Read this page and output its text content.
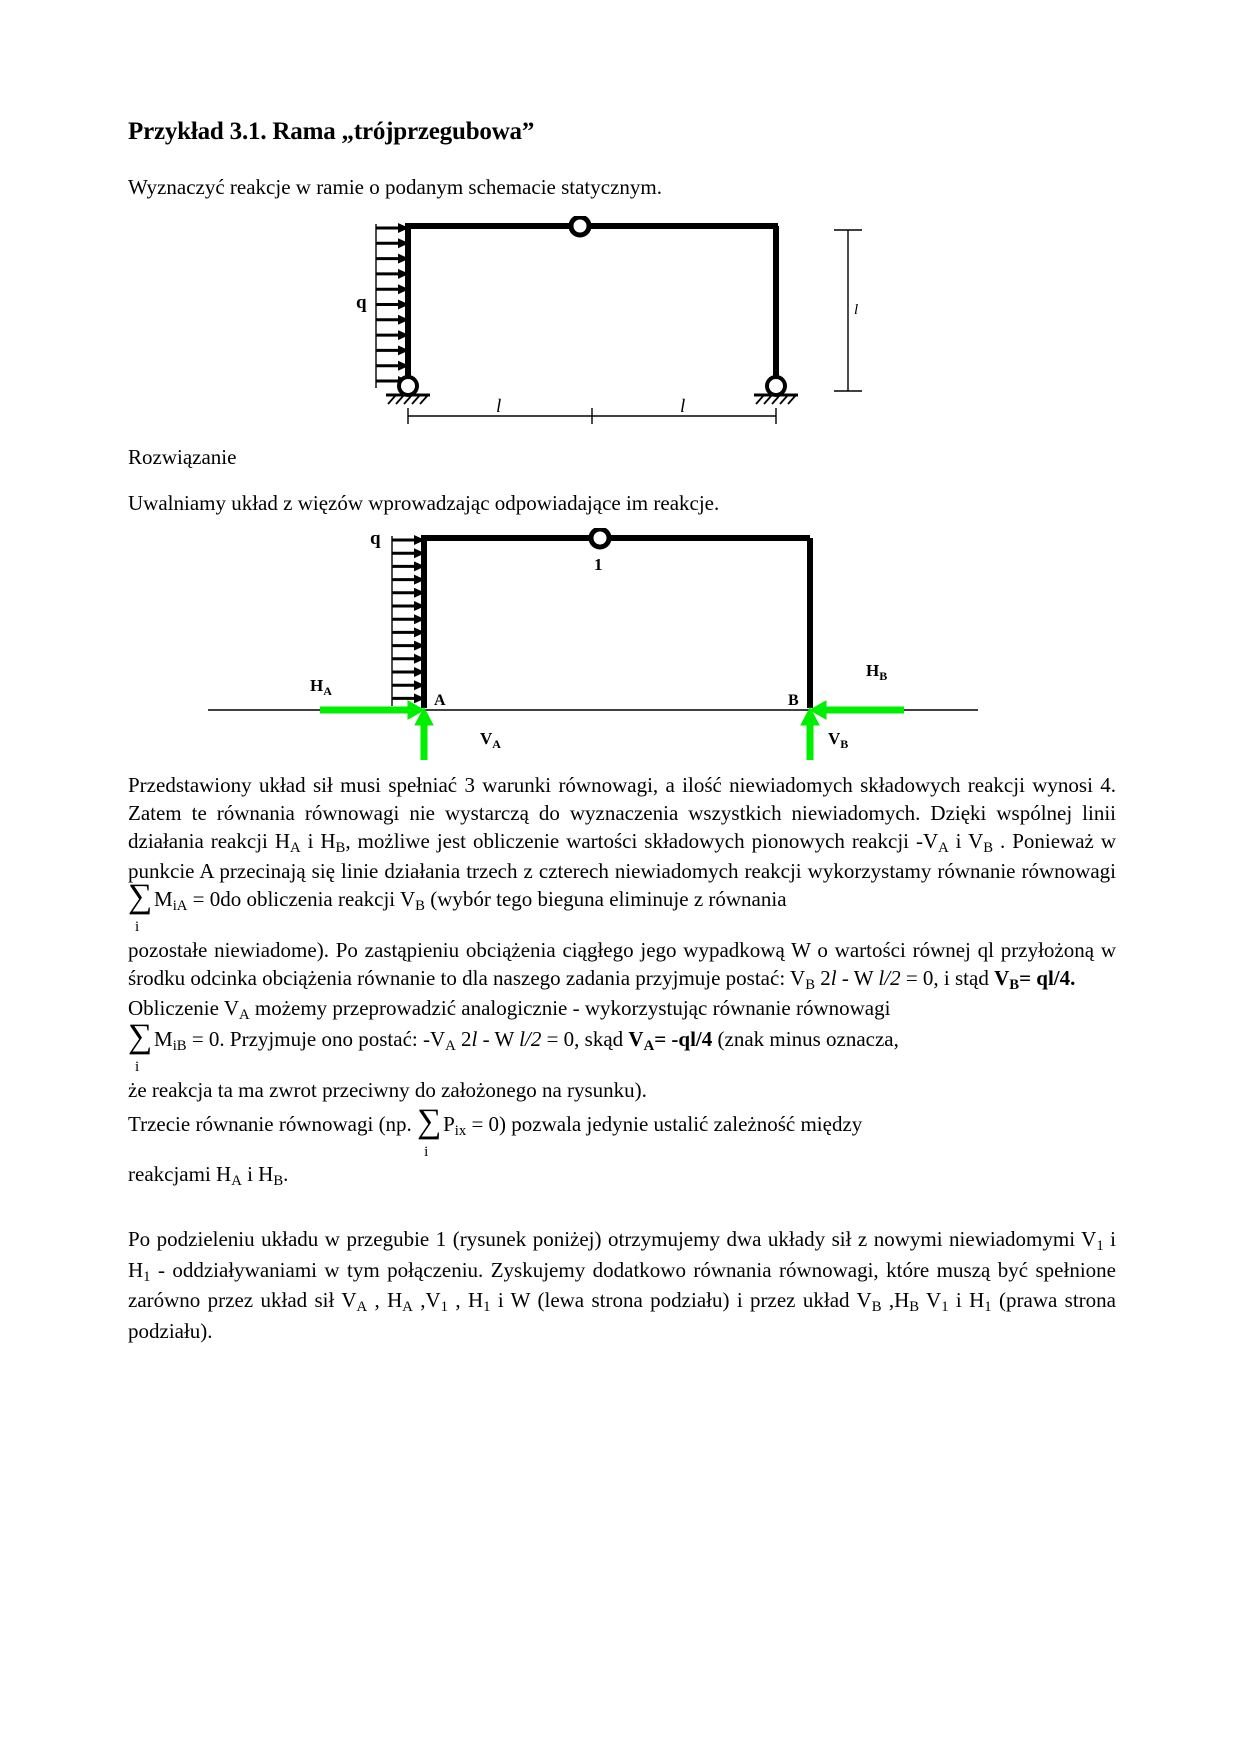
Przykład 3.1. Rama „trójprzegubowa”

Wyznaczyć reakcje w ramie o podanym schemacie statycznym.

q	l
l	l

Rozwiązanie

Uwalniamy układ z więzów wprowadzając odpowiadające im reakcje.

1
q
$H_A$
$H_B$
$V_A$	$V_B$
A	B

Przedstawiony układ sił musi spełniać 3 warunki równowagi, a ilość niewiadomych składowych reakcji wynosi 4. Zatem te równania równowagi nie wystarczą do wyznaczenia wszystkich niewiadomych. Dzięki wspólnej linii działania reakcji $H_A$ i $H_B$, możliwe jest obliczenie wartości składowych pionowych reakcji $-V_A$ i $V_B$ . Ponieważ w punkcie A przecinają się linie działania trzech z czterech niewiadomych reakcji wykorzystamy równanie równowagi
∑
i
$M_{iA} = 0do$ obliczenia reakcji $V_B$ (wybór tego bieguna eliminuje z równania

pozostałe niewiadome). Po zastąpieniu obciążenia ciągłego jego wypadkową W o wartości równej ql przyłożoną w środku odcinka obciążenia równanie to dla naszego zadania przyjmuje postać: $V_B$ 2l - W l/2 = 0, i stąd $V_B= ql/4$.

Obliczenie $V_A$ możemy przeprowadzić analogicznie - wykorzystując równanie równowagi

∑
i
$M_{iB} = 0$. Przyjmuje ono postać: $-V_A$ 2l - W l/2 = 0, skąd $V_A= -ql/4$ (znak minus oznacza,

że reakcja ta ma zwrot przeciwny do założonego na rysunku).

Trzecie równanie równowagi (np. ∑
i
$P_{ix} = 0$) pozwala jedynie ustalić zależność między

reakcjami $H_A$ i $H_B$.

Po podzieleniu układu w przegubie 1 (rysunek poniżej) otrzymujemy dwa układy sił z nowymi niewiadomymi $V_1$ i $H_1$ - oddziaływaniami w tym połączeniu. Zyskujemy dodatkowo równania równowagi, które muszą być spełnione zarówno przez układ sił $V_A$ , $H_A$ $,V_1$ , $H_1$ i W (lewa strona podziału) i przez układ $V_B$ $,H_B$ $V_1$ i $H_1$ (prawa strona podziału).
